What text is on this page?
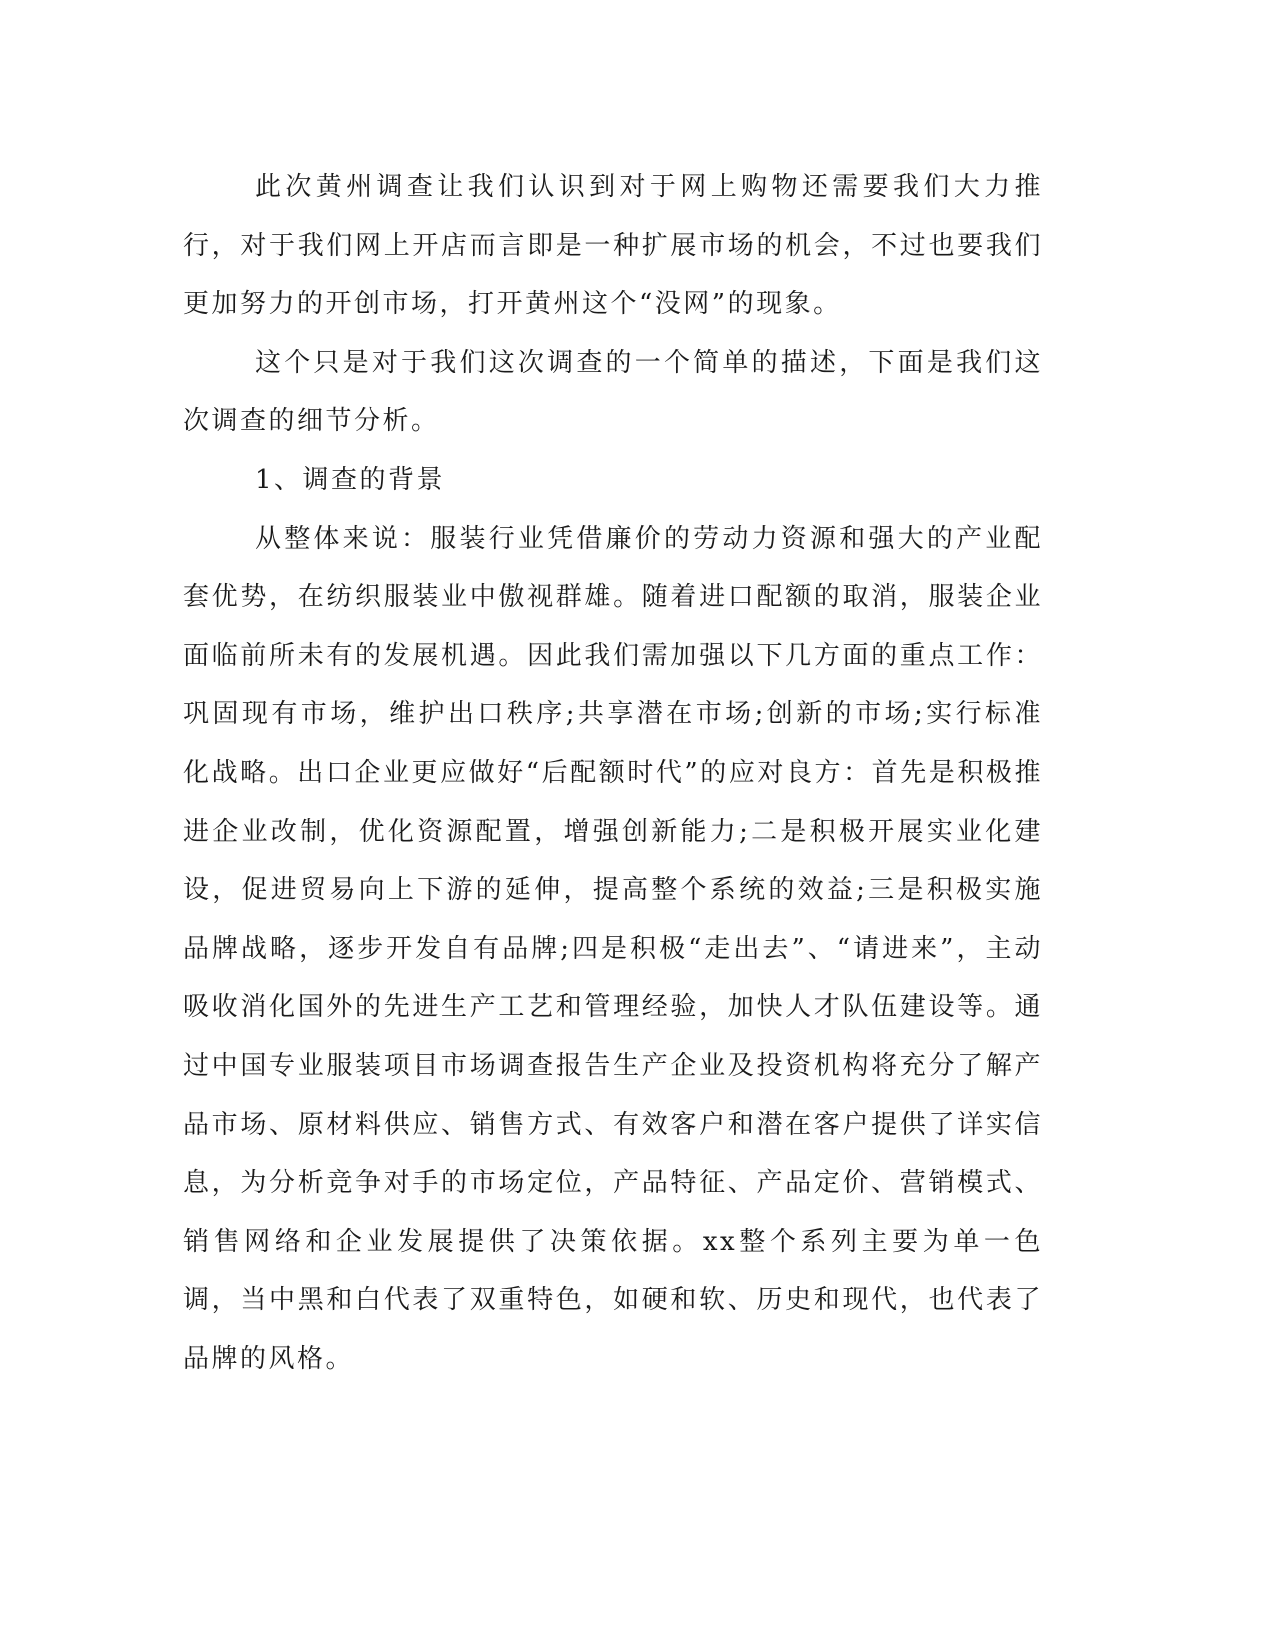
此次黄州调查让我们认识到对于网上购物还需要我们大力推行，对于我们网上开店而言即是一种扩展市场的机会，不过也要我们更加努力的开创市场，打开黄州这个“没网”的现象。

这个只是对于我们这次调查的一个简单的描述，下面是我们这次调查的细节分析。

1、调查的背景

从整体来说：服装行业凭借廉价的劳动力资源和强大的产业配套优势，在纺织服装业中傲视群雄。随着进口配额的取消，服装企业面临前所未有的发展机遇。因此我们需加强以下几方面的重点工作：巩固现有市场，维护出口秩序;共享潜在市场;创新的市场;实行标准化战略。出口企业更应做好“后配额时代”的应对良方：首先是积极推进企业改制，优化资源配置，增强创新能力;二是积极开展实业化建设，促进贸易向上下游的延伸，提高整个系统的效益;三是积极实施品牌战略，逐步开发自有品牌;四是积极“走出去”、“请进来”，主动吸收消化国外的先进生产工艺和管理经验，加快人才队伍建设等。通过中国专业服装项目市场调查报告生产企业及投资机构将充分了解产品市场、原材料供应、销售方式、有效客户和潜在客户提供了详实信息，为分析竞争对手的市场定位，产品特征、产品定价、营销模式、销售网络和企业发展提供了决策依据。xx整个系列主要为单一色调，当中黑和白代表了双重特色，如硬和软、历史和现代，也代表了品牌的风格。
